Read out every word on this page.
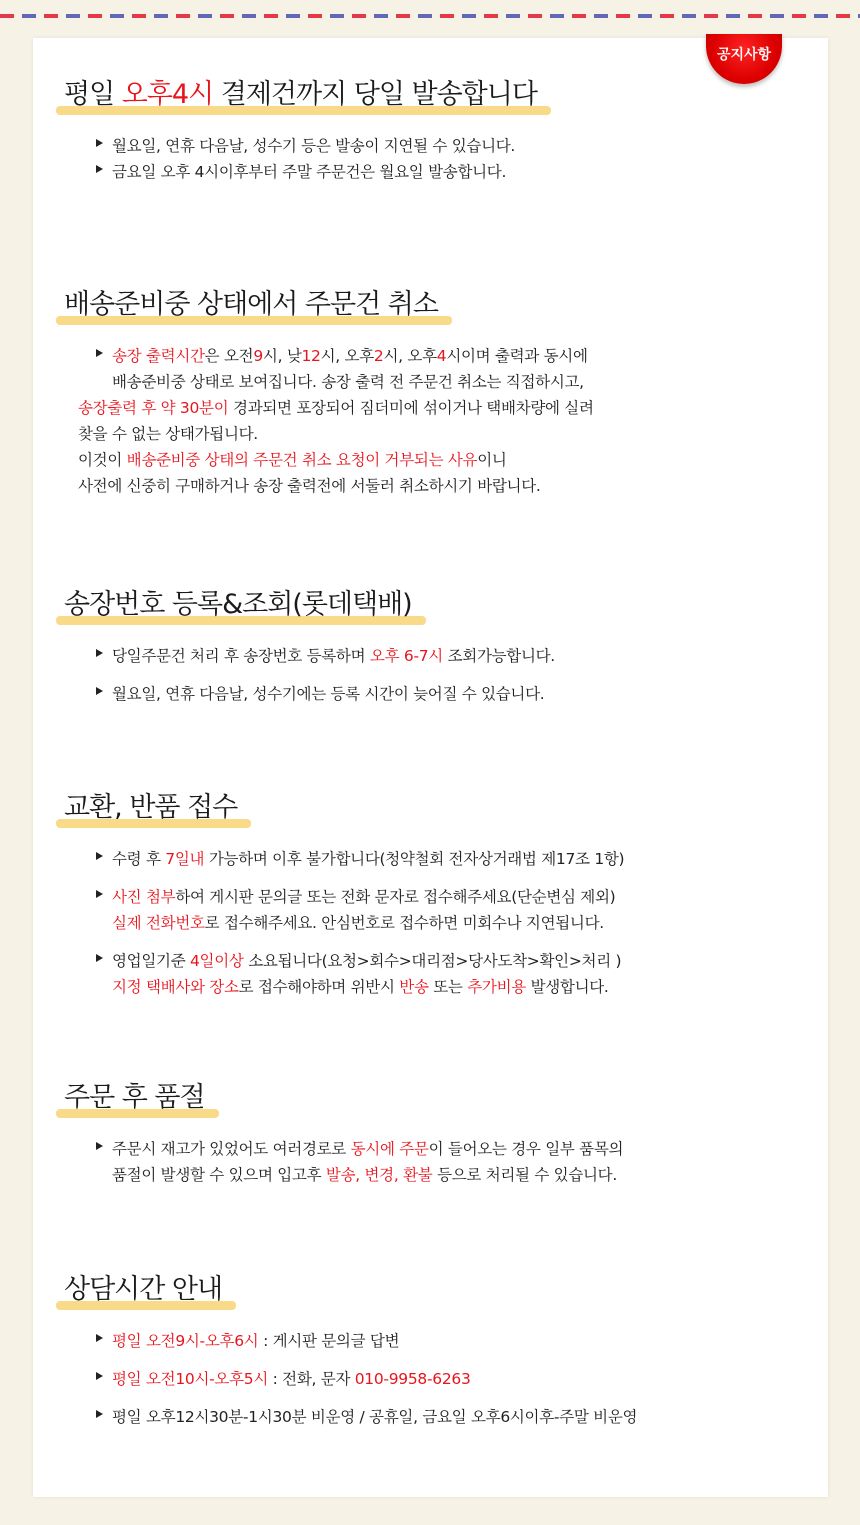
공지사항
평일 오후4시 결제건까지 당일 발송합니다
월요일, 연휴 다음날, 성수기 등은 발송이 지연될 수 있습니다.
금요일 오후 4시이후부터 주말 주문건은 월요일 발송합니다.
배송준비중 상태에서 주문건 취소
송장 출력시간은 오전9시, 낮12시, 오후2시, 오후4시이며 출력과 동시에
배송준비중 상태로 보여집니다. 송장 출력 전 주문건 취소는 직접하시고,
송장출력 후 약 30분이 경과되면 포장되어 짐더미에 섞이거나 택배차량에 실려
찾을 수 없는 상태가됩니다.
이것이 배송준비중 상태의 주문건 취소 요청이 거부되는 사유이니
사전에 신중히 구매하거나 송장 출력전에 서둘러 취소하시기 바랍니다.
송장번호 등록&조회(롯데택배)
당일주문건 처리 후 송장번호 등록하며 오후 6-7시 조회가능합니다.
월요일, 연휴 다음날, 성수기에는 등록 시간이 늦어질 수 있습니다.
교환, 반품 접수
수령 후 7일내 가능하며 이후 불가합니다(청약철회 전자상거래법 제17조 1항)
사진 첨부하여 게시판 문의글 또는 전화 문자로 접수해주세요(단순변심 제외)
실제 전화번호로 접수해주세요. 안심번호로 접수하면 미회수나 지연됩니다.
영업일기준 4일이상 소요됩니다(요청>회수>대리점>당사도착>확인>처리 )
지정 택배사와 장소로 접수해야하며 위반시 반송 또는 추가비용 발생합니다.
주문 후 품절
주문시 재고가 있었어도 여러경로로 동시에 주문이 들어오는 경우 일부 품목의
품절이 발생할 수 있으며 입고후 발송, 변경, 환불 등으로 처리될 수 있습니다.
상담시간 안내
평일 오전9시-오후6시 : 게시판 문의글 답변
평일 오전10시-오후5시 : 전화, 문자 010-9958-6263
평일 오후12시30분-1시30분 비운영 / 공휴일, 금요일 오후6시이후-주말 비운영
